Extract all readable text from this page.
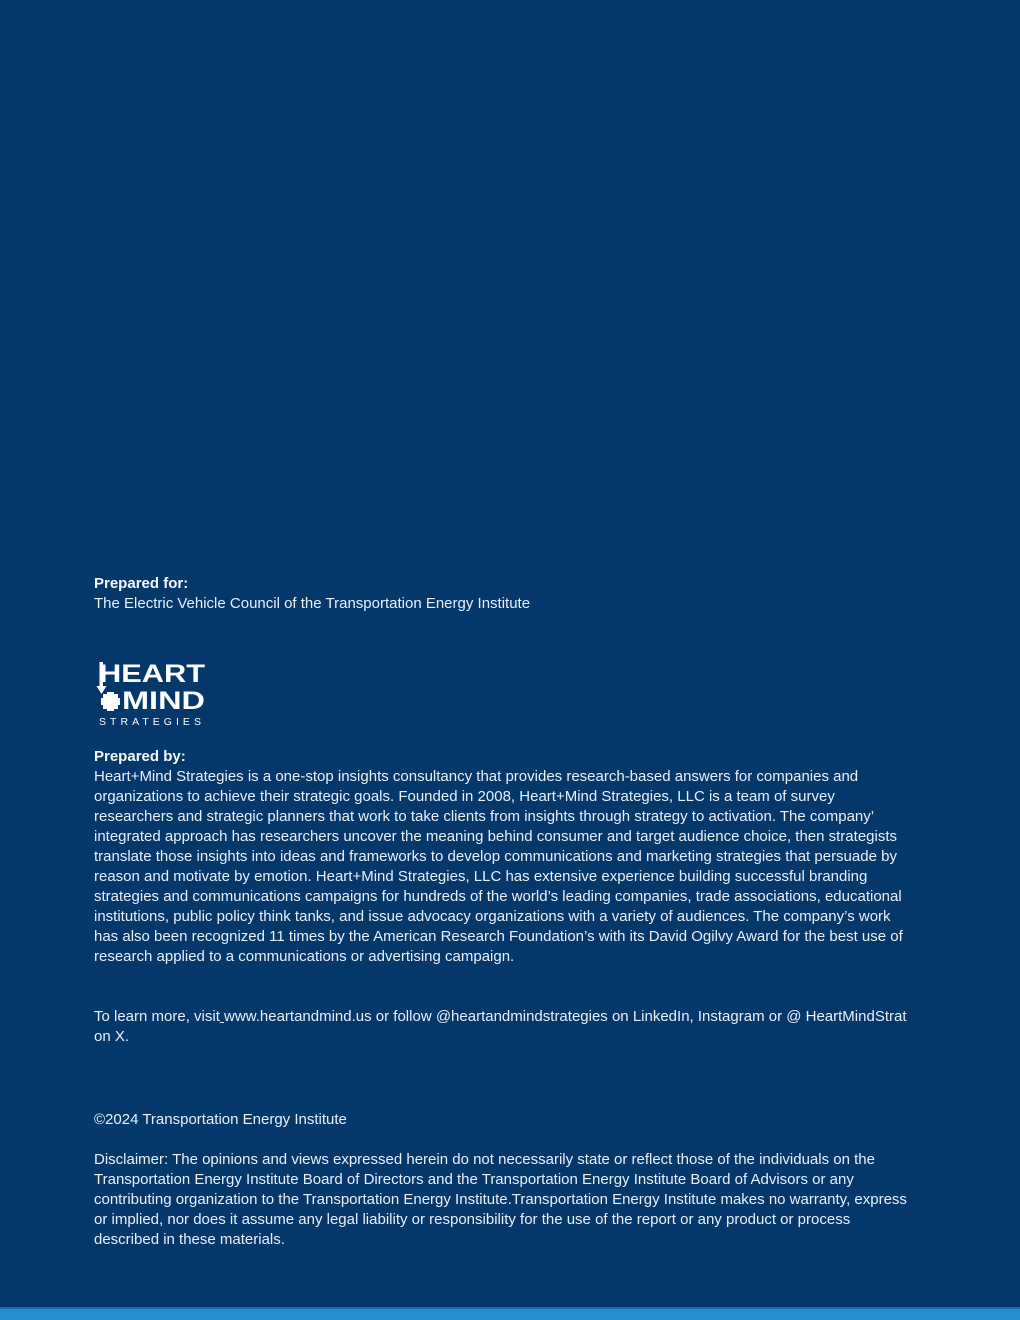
Prepared for:
The Electric Vehicle Council of the Transportation Energy Institute
HEART
MIND
STRATEGIES
Prepared by:

Heart+Mind Strategies is a one-stop insights consultancy that provides research-based answers for companies and organizations to achieve their strategic goals. Founded in 2008, Heart+Mind Strategies, LLC is a team of survey researchers and strategic planners that work to take clients from insights through strategy to activation. The company’ integrated approach has researchers uncover the meaning behind consumer and target audience choice, then strategists translate those insights into ideas and frameworks to develop communications and marketing strategies that persuade by reason and motivate by emotion. Heart+Mind Strategies, LLC has extensive experience building successful branding strategies and communications campaigns for hundreds of the world’s leading companies, trade associations, educational institutions, public policy think tanks, and issue advocacy organizations with a variety of audiences. The company’s work has also been recognized 11 times by the American Research Foundation’s with its David Ogilvy Award for the best use of research applied to a communications or advertising campaign.

To learn more, visit www.heartandmind.us or follow @heartandmindstrategies on LinkedIn, Instagram or @ HeartMindStrat on X.

©2024 Transportation Energy Institute

Disclaimer: The opinions and views expressed herein do not necessarily state or reflect those of the individuals on the Transportation Energy Institute Board of Directors and the Transportation Energy Institute Board of Advisors or any contributing organization to the Transportation Energy Institute.Transportation Energy Institute makes no warranty, express or implied, nor does it assume any legal liability or responsibility for the use of the report or any product or process described in these materials.
